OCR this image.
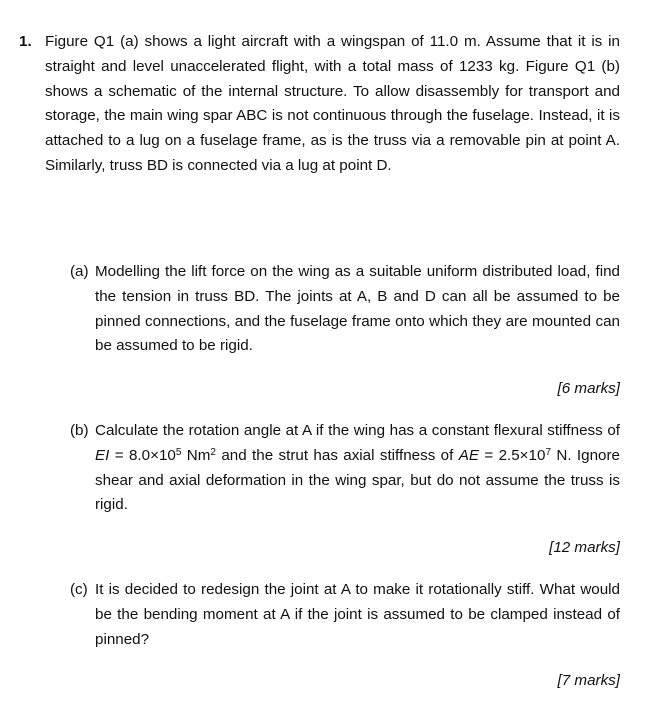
1. Figure Q1 (a) shows a light aircraft with a wingspan of 11.0 m. Assume that it is in straight and level unaccelerated flight, with a total mass of 1233 kg. Figure Q1 (b) shows a schematic of the internal structure. To allow disassembly for transport and storage, the main wing spar ABC is not continuous through the fuselage. Instead, it is attached to a lug on a fuselage frame, as is the truss via a removable pin at point A. Similarly, truss BD is connected via a lug at point D.
(a) Modelling the lift force on the wing as a suitable uniform distributed load, find the tension in truss BD. The joints at A, B and D can all be assumed to be pinned connections, and the fuselage frame onto which they are mounted can be assumed to be rigid.
[6 marks]
(b) Calculate the rotation angle at A if the wing has a constant flexural stiffness of EI = $8.0\times 10^5$ Nm$^2$ and the strut has axial stiffness of AE = $2.5\times 10^7$ N. Ignore shear and axial deformation in the wing spar, but do not assume the truss is rigid.
[12 marks]
(c) It is decided to redesign the joint at A to make it rotationally stiff. What would be the bending moment at A if the joint is assumed to be clamped instead of pinned?
[7 marks]
